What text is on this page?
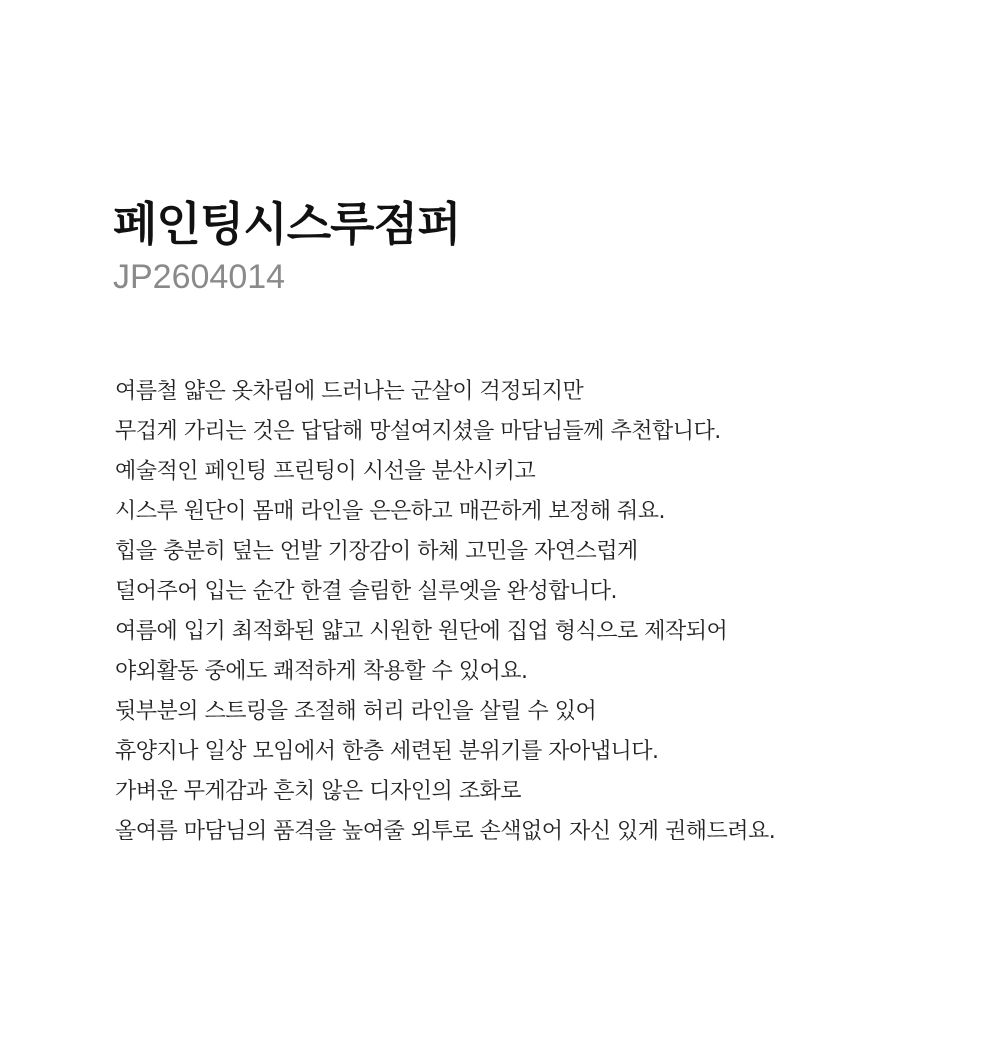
페인팅시스루점퍼

JP2604014

여름철 얇은 옷차림에 드러나는 군살이 걱정되지만
무겁게 가리는 것은 답답해 망설여지셨을 마담님들께 추천합니다.
예술적인 페인팅 프린팅이 시선을 분산시키고
시스루 원단이 몸매 라인을 은은하고 매끈하게 보정해 줘요.
힙을 충분히 덮는 언발 기장감이 하체 고민을 자연스럽게
덜어주어 입는 순간 한결 슬림한 실루엣을 완성합니다.
여름에 입기 최적화된 얇고 시원한 원단에 집업 형식으로 제작되어
야외활동 중에도 쾌적하게 착용할 수 있어요.
뒷부분의 스트링을 조절해 허리 라인을 살릴 수 있어
휴양지나 일상 모임에서 한층 세련된 분위기를 자아냅니다.
가벼운 무게감과 흔치 않은 디자인의 조화로
올여름 마담님의 품격을 높여줄 외투로 손색없어 자신 있게 권해드려요.
